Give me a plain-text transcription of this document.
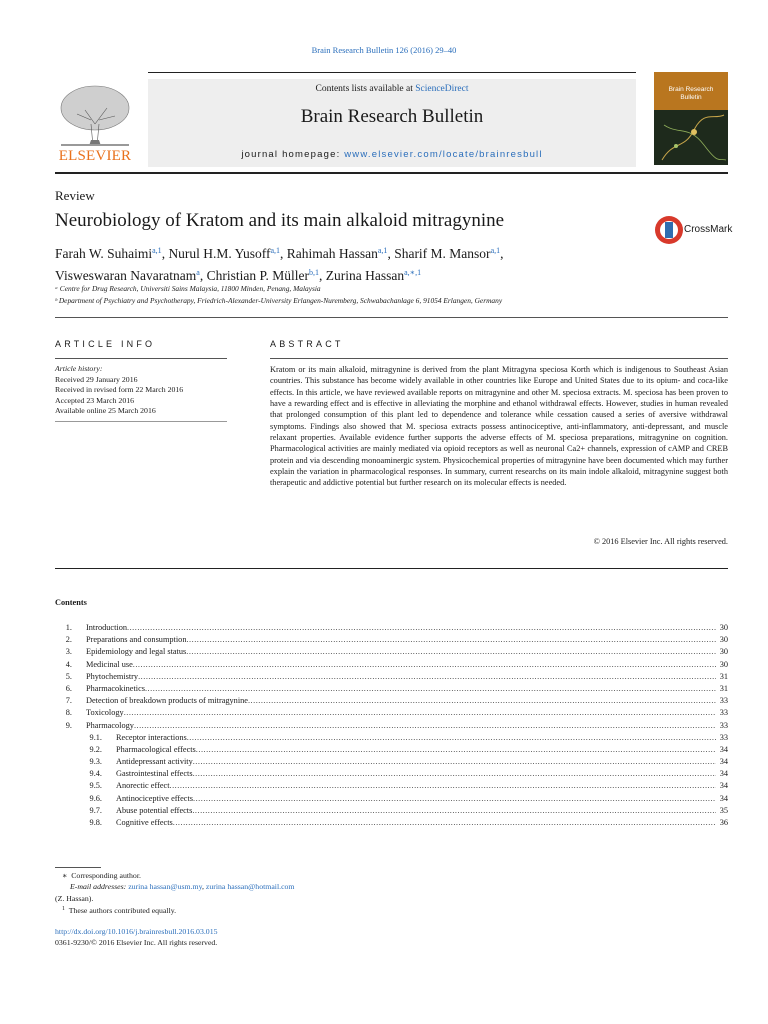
Brain Research Bulletin 126 (2016) 29–40
ELSEVIER
Contents lists available at ScienceDirect
Brain Research Bulletin
journal homepage: www.elsevier.com/locate/brainresbull
Brain Research
Bulletin
Review
Neurobiology of Kratom and its main alkaloid mitragynine	CrossMark
Farah W. Suhaimi$^{a,1}$, Nurul H.M. Yusoff$^{a,1}$, Rahimah Hassan$^{a,1}$, Sharif M. Mansor$^{a,1}$,
Visweswaran Navaratnam$^a$, Christian P. Müller$^{b,1}$, Zurina Hassan$^{a,∗,1}$
ᵃ Centre for Drug Research, Universiti Sains Malaysia, 11800 Minden, Penang, Malaysia
ᵇ Department of Psychiatry and Psychotherapy, Friedrich-Alexander-University Erlangen-Nuremberg, Schwabachanlage 6, 91054 Erlangen, Germany
ARTICLE INFO	ABSTRACT
Article history:
Received 29 January 2016
Received in revised form 22 March 2016
Accepted 23 March 2016
Available online 25 March 2016
Kratom or its main alkaloid, mitragynine is derived from the plant Mitragyna speciosa Korth which is indigenous to Southeast Asian countries. This substance has become widely available in other countries like Europe and United States due to its opium- and coca-like effects. In this article, we have reviewed available reports on mitragynine and other M. speciosa extracts. M. speciosa has been proven to have a rewarding effect and is effective in alleviating the morphine and ethanol withdrawal effects. However, studies in human revealed that prolonged consumption of this plant led to dependence and tolerance while cessation caused a series of aversive withdrawal symptoms. Findings also showed that M. speciosa extracts possess antinociceptive, anti-inflammatory, anti-depressant, and muscle relaxant properties. Available evidence further supports the adverse effects of M. speciosa preparations, mitragynine on cognition. Pharmacological activities are mainly mediated via opioid receptors as well as neuronal Ca2+ channels, expression of cAMP and CREB protein and via descending monoaminergic system. Physicochemical properties of mitragynine have been documented which may further explain the variation in pharmacological responses. In summary, current researchs on its main indole alkaloid, mitragynine suggest both therapeutic and addictive potential but further research on its molecular effects is needed.
© 2016 Elsevier Inc. All rights reserved.
Contents
1. Introduction .....	30
2. Preparations and consumption .....	30
3. Epidemiology and legal status .....	30
4. Medicinal use .....	30
5. Phytochemistry .....	31
6. Pharmacokinetics .....	31
7. Detection of breakdown products of mitragynine .....	33
8. Toxicology .....	33
9. Pharmacology .....	33
9.1. Receptor interactions .....	33
9.2. Pharmacological effects .....	34
9.3. Antidepressant activity .....	34
9.4. Gastrointestinal effects .....	34
9.5. Anorectic effect .....	34
9.6. Antinociceptive effects .....	34
9.7. Abuse potential effects .....	35
9.8. Cognitive effects .....	36
∗ Corresponding author.
E-mail addresses: zurina hassan@usm.my, zurina hassan@hotmail.com
(Z. Hassan).
$^1$ These authors contributed equally.
http://dx.doi.org/10.1016/j.brainresbull.2016.03.015
0361-9230/© 2016 Elsevier Inc. All rights reserved.
